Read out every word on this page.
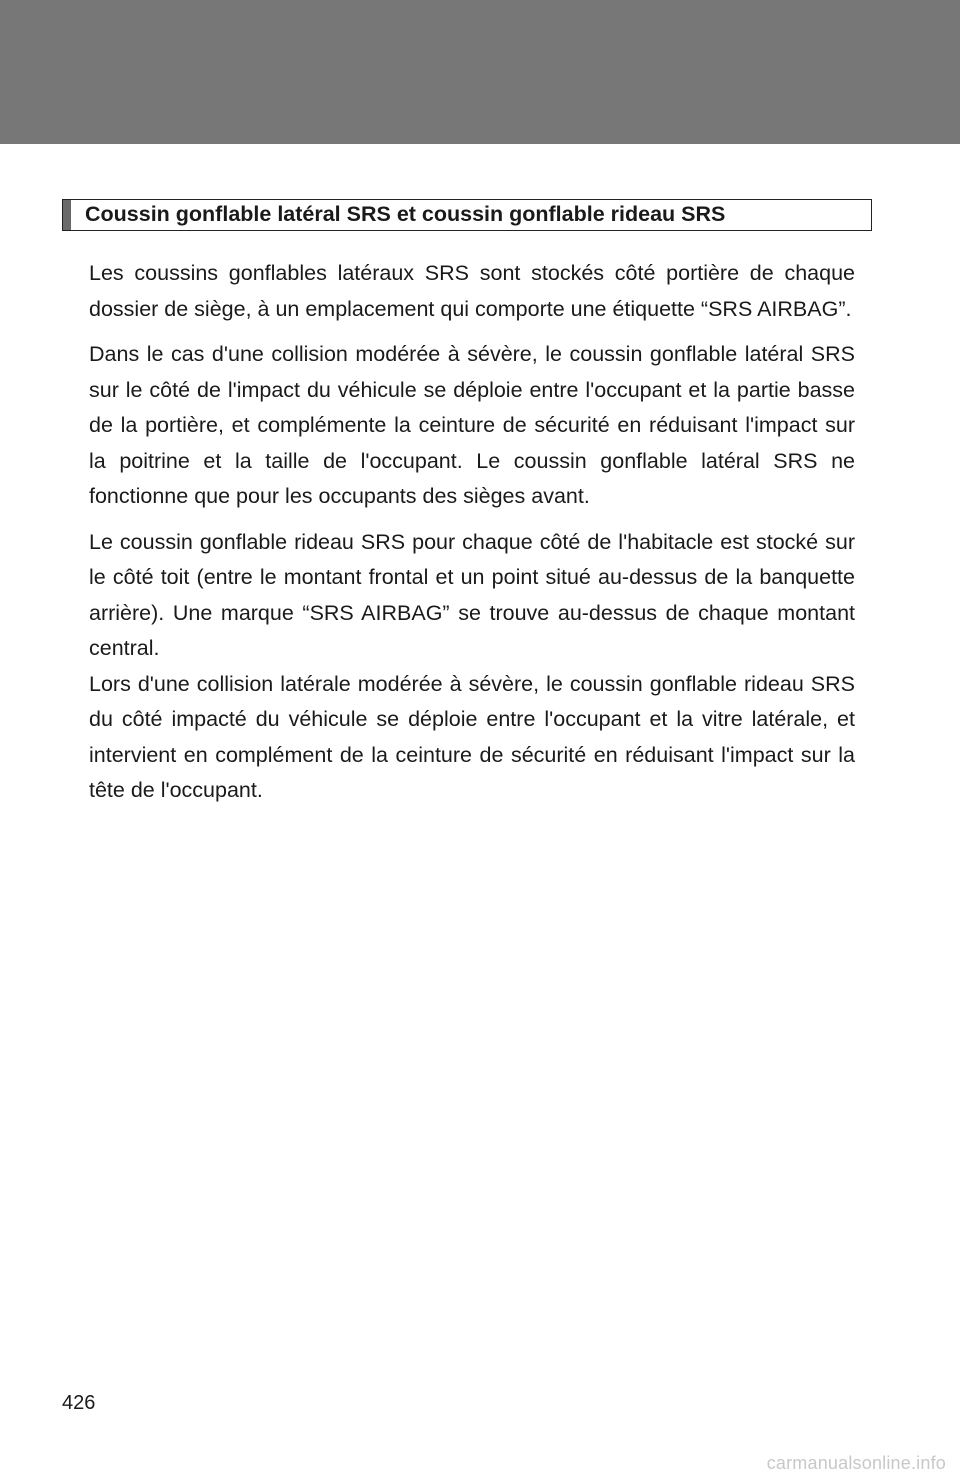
Coussin gonflable latéral SRS et coussin gonflable rideau SRS

Les coussins gonflables latéraux SRS sont stockés côté portière de chaque dossier de siège, à un emplacement qui comporte une étiquette “SRS AIRBAG”.

Dans le cas d'une collision modérée à sévère, le coussin gonflable latéral SRS sur le côté de l'impact du véhicule se déploie entre l'occupant et la partie basse de la portière, et complémente la ceinture de sécurité en réduisant l'impact sur la poitrine et la taille de l'occupant. Le coussin gonflable latéral SRS ne fonctionne que pour les occupants des sièges avant.

Le coussin gonflable rideau SRS pour chaque côté de l'habitacle est stocké sur le côté toit (entre le montant frontal et un point situé au-dessus de la banquette arrière). Une marque “SRS AIRBAG” se trouve au-dessus de chaque montant central.

Lors d'une collision latérale modérée à sévère, le coussin gonflable rideau SRS du côté impacté du véhicule se déploie entre l'occupant et la vitre latérale, et intervient en complément de la ceinture de sécurité en réduisant l'impact sur la tête de l'occupant.

426
carmanualsonline.info
